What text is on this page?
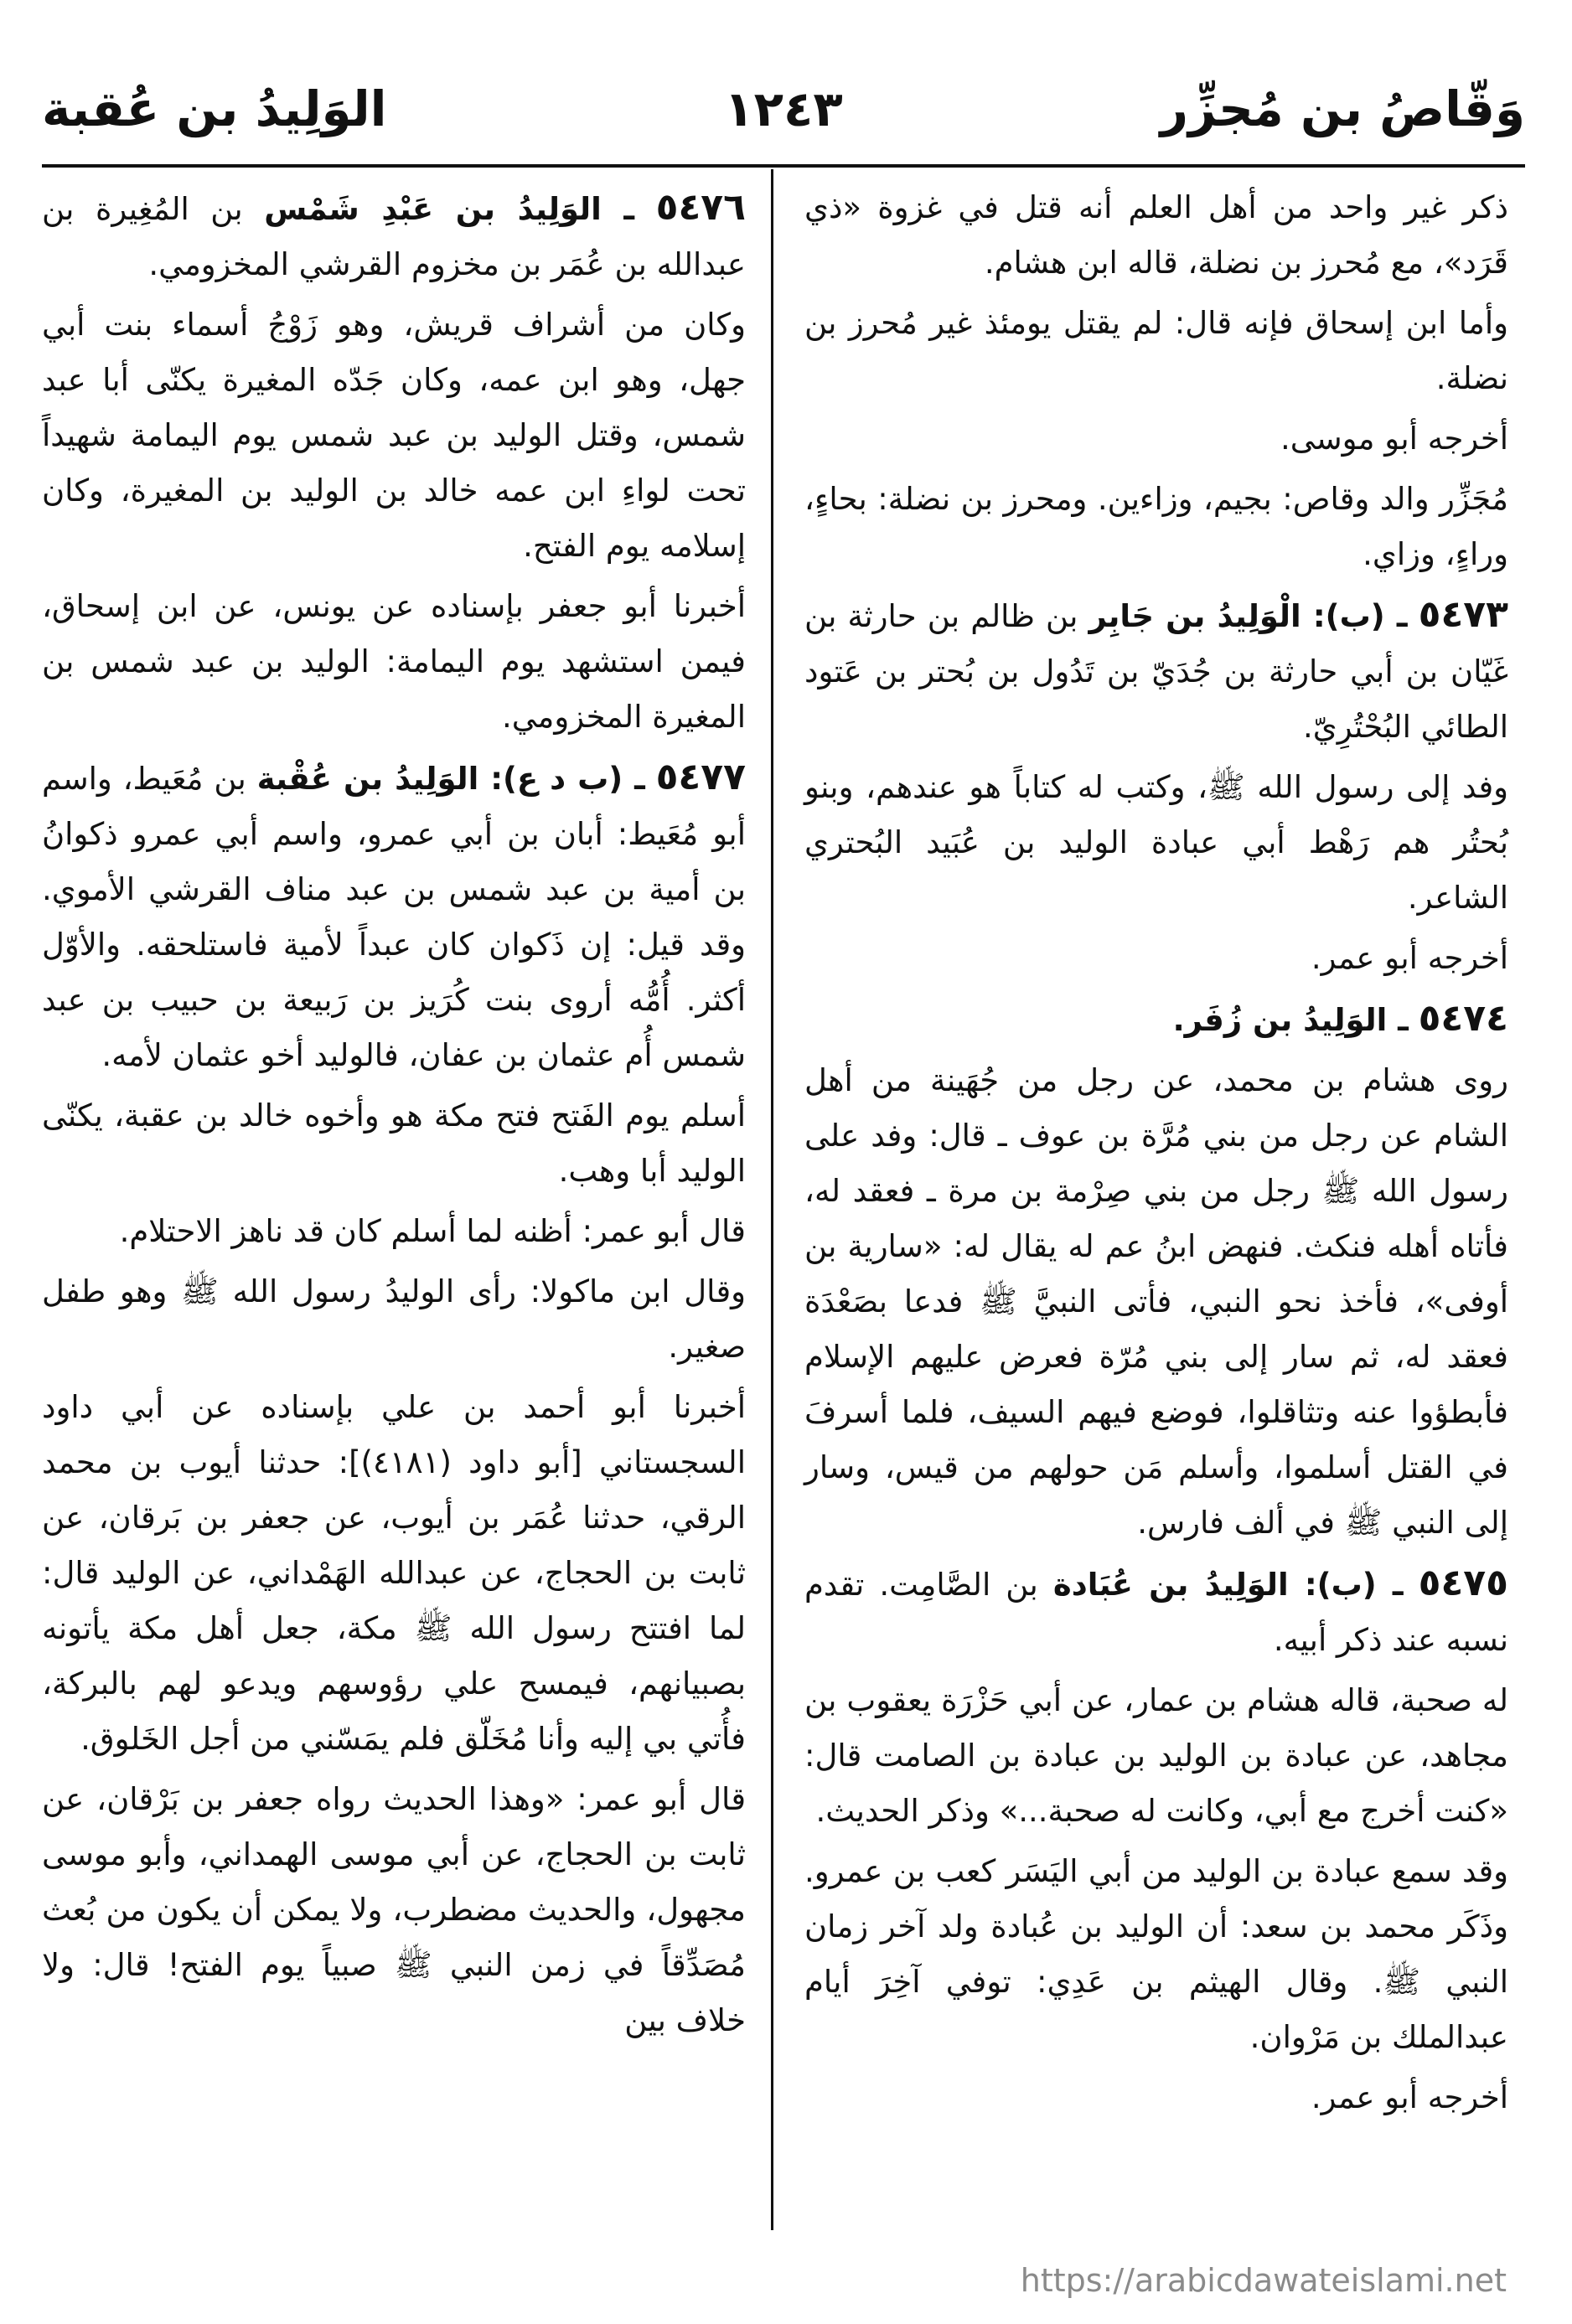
وَقّاصُ بن مُجزِّر
١٢٤٣
الوَلِيدُ بن عُقبة

ذكر غير واحد من أهل العلم أنه قتل في غزوة «ذي قَرَد»، مع مُحرز بن نضلة، قاله ابن هشام.

وأما ابن إسحاق فإنه قال: لم يقتل يومئذ غير مُحرز بن نضلة.

أخرجه أبو موسى.

مُجَزِّر والد وقاص: بجيم، وزاءين. ومحرز بن نضلة: بحاءٍ، وراءٍ، وزاي.

٥٤٧٣ ـ (ب): الْوَلِيدُ بن جَابِر بن ظالم بن حارثة بن غَيّان بن أبي حارثة بن جُدَيّ بن تَدُول بن بُحتر بن عَتود الطائي البُحْتُرِيّ.

وفد إلى رسول الله ﷺ، وكتب له كتاباً هو عندهم، وبنو بُحتُر هم رَهْط أبي عبادة الوليد بن عُبَيد البُحتري الشاعر.

أخرجه أبو عمر.

٥٤٧٤ ـ الوَلِيدُ بن زُفَر.

روى هشام بن محمد، عن رجل من جُهَينة من أهل الشام عن رجل من بني مُرَّة بن عوف ـ قال: وفد على رسول الله ﷺ رجل من بني صِرْمة بن مرة ـ فعقد له، فأتاه أهله فنكث. فنهض ابنُ عم له يقال له: «سارية بن أوفى»، فأخذ نحو النبي، فأتى النبيَّ ﷺ فدعا بصَعْدَة فعقد له، ثم سار إلى بني مُرّة فعرض عليهم الإسلام فأبطؤوا عنه وتثاقلوا، فوضع فيهم السيف، فلما أسرفَ في القتل أسلموا، وأسلم مَن حولهم من قيس، وسار إلى النبي ﷺ في ألف فارس.

٥٤٧٥ ـ (ب): الوَلِيدُ بن عُبَادة بن الصَّامِت. تقدم نسبه عند ذكر أبيه.

له صحبة، قاله هشام بن عمار، عن أبي حَزْرَة يعقوب بن مجاهد، عن عبادة بن الوليد بن عبادة بن الصامت قال: «كنت أخرج مع أبي، وكانت له صحبة...» وذكر الحديث.

وقد سمع عبادة بن الوليد من أبي اليَسَر كعب بن عمرو. وذَكَر محمد بن سعد: أن الوليد بن عُبادة ولد آخر زمان النبي ﷺ. وقال الهيثم بن عَدِي: توفي آخِرَ أيام عبدالملك بن مَرْوان.

أخرجه أبو عمر.

٥٤٧٦ ـ الوَلِيدُ بن عَبْدِ شَمْس بن المُغِيرة بن عبدالله بن عُمَر بن مخزوم القرشي المخزومي.

وكان من أشراف قريش، وهو زَوْجُ أسماء بنت أبي جهل، وهو ابن عمه، وكان جَدّه المغيرة يكنّى أبا عبد شمس، وقتل الوليد بن عبد شمس يوم اليمامة شهيداً تحت لواءِ ابن عمه خالد بن الوليد بن المغيرة، وكان إسلامه يوم الفتح.

أخبرنا أبو جعفر بإسناده عن يونس، عن ابن إسحاق، فيمن استشهد يوم اليمامة: الوليد بن عبد شمس بن المغيرة المخزومي.

٥٤٧٧ ـ (ب د ع): الوَلِيدُ بن عُقْبة بن مُعَيط، واسم أبو مُعَيط: أبان بن أبي عمرو، واسم أبي عمرو ذكوانُ بن أمية بن عبد شمس بن عبد مناف القرشي الأموي. وقد قيل: إن ذَكوان كان عبداً لأمية فاستلحقه. والأوّل أكثر. أُمُّه أروى بنت كُرَيز بن رَبيعة بن حبيب بن عبد شمس أُم عثمان بن عفان، فالوليد أخو عثمان لأمه.

أسلم يوم الفَتح فتح مكة هو وأخوه خالد بن عقبة، يكنّى الوليد أبا وهب.

قال أبو عمر: أظنه لما أسلم كان قد ناهز الاحتلام.

وقال ابن ماكولا: رأى الوليدُ رسول الله ﷺ وهو طفل صغير.

أخبرنا أبو أحمد بن علي بإسناده عن أبي داود السجستاني [أبو داود (٤١٨١)]: حدثنا أيوب بن محمد الرقي، حدثنا عُمَر بن أيوب، عن جعفر بن بَرقان، عن ثابت بن الحجاج، عن عبدالله الهَمْداني، عن الوليد قال: لما افتتح رسول الله ﷺ مكة، جعل أهل مكة يأتونه بصبيانهم، فيمسح علي رؤوسهم ويدعو لهم بالبركة، فأُتي بي إليه وأنا مُخَلّق فلم يمَسّني من أجل الخَلوق.

قال أبو عمر: «وهذا الحديث رواه جعفر بن بَرْقان، عن ثابت بن الحجاج، عن أبي موسى الهمداني، وأبو موسى مجهول، والحديث مضطرب، ولا يمكن أن يكون من بُعث مُصَدِّقاً في زمن النبي ﷺ صبياً يوم الفتح! قال: ولا خلاف بين

https://arabicdawateislami.net
